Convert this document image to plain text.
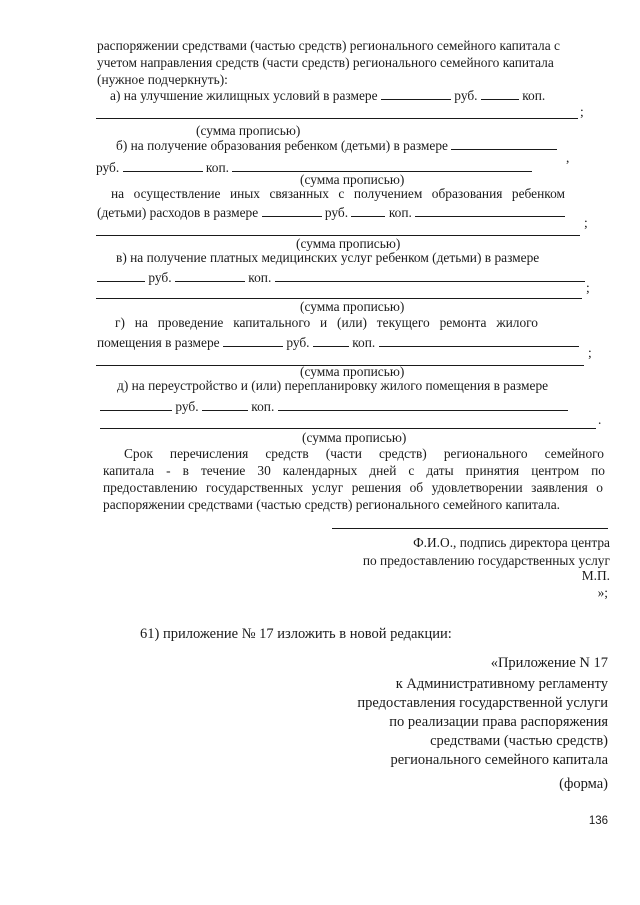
распоряжении средствами (частью средств) регионального семейного капитала с
учетом направления средств (части средств) регионального семейного капитала
(нужное подчеркнуть):
а) на улучшение жилищных условий в размере	руб.	коп.
;
(сумма прописью)
б) на получение образования ребенком (детьми) в размере
,
руб.	коп.
(сумма прописью)
на осуществление иных связанных с получением образования ребенком
(детьми) расходов в размере	руб.	коп.
;
(сумма прописью)
в) на получение платных медицинских услуг ребенком (детьми) в размере
руб.	коп.
;
(сумма прописью)
г) на проведение капитального и (или) текущего ремонта жилого
помещения в размере	руб.	коп.
;
(сумма прописью)
д) на переустройство и (или) перепланировку жилого помещения в размере
руб.	коп.
.
(сумма прописью)
Срок перечисления средств (части средств) регионального семейного
капитала - в течение 30 календарных дней с даты принятия центром по
предоставлению государственных услуг решения об удовлетворении заявления о
распоряжении средствами (частью средств) регионального семейного капитала.
Ф.И.О., подпись директора центра
по предоставлению государственных услуг
М.П.
»;
61) приложение № 17 изложить в новой редакции:
«Приложение N 17
к Административному регламенту
предоставления государственной услуги
по реализации права распоряжения
средствами (частью средств)
регионального семейного капитала
(форма)
136
